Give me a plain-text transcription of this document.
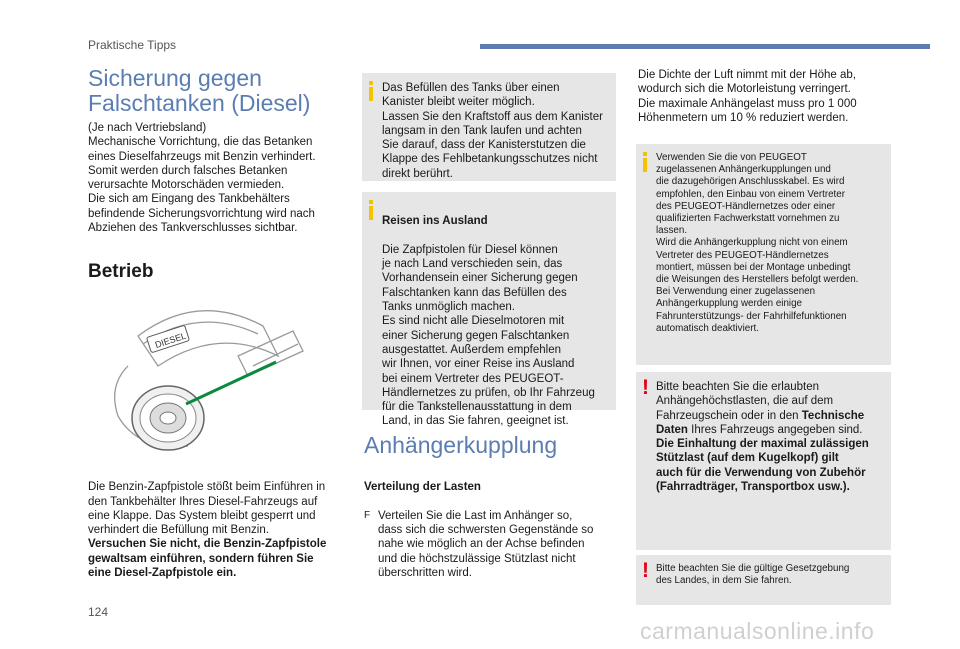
Praktische Tipps
Sicherung gegen
Falschtanken (Diesel)
(Je nach Vertriebsland)
Mechanische Vorrichtung, die das Betanken
eines Dieselfahrzeugs mit Benzin verhindert.
Somit werden durch falsches Betanken
verursachte Motorschäden vermieden.
Die sich am Eingang des Tankbehälters
befindende Sicherungsvorrichtung wird nach
Abziehen des Tankverschlusses sichtbar.
Betrieb
DIESEL

Die Benzin-Zapfpistole stößt beim Einführen in
den Tankbehälter Ihres Diesel-Fahrzeugs auf
eine Klappe. Das System bleibt gesperrt und
verhindert die Befüllung mit Benzin.

Versuchen Sie nicht, die Benzin-Zapfpistole
gewaltsam einführen, sondern führen Sie
eine Diesel-Zapfpistole ein.

Das Befüllen des Tanks über einen
Kanister bleibt weiter möglich.
Lassen Sie den Kraftstoff aus dem Kanister
langsam in den Tank laufen und achten
Sie darauf, dass der Kanisterstutzen die
Klappe des Fehlbetankungsschutzes nicht
direkt berührt.

Reisen ins Ausland

Die Zapfpistolen für Diesel können
je nach Land verschieden sein, das
Vorhandensein einer Sicherung gegen
Falschtanken kann das Befüllen des
Tanks unmöglich machen.
Es sind nicht alle Dieselmotoren mit
einer Sicherung gegen Falschtanken
ausgestattet. Außerdem empfehlen
wir Ihnen, vor einer Reise ins Ausland
bei einem Vertreter des PEUGEOT-
Händlernetzes zu prüfen, ob Ihr Fahrzeug
für die Tankstellenausstattung in dem
Land, in das Sie fahren, geeignet ist.

Anhängerkupplung

Verteilung der Lasten

F Verteilen Sie die Last im Anhänger so,
dass sich die schwersten Gegenstände so
nahe wie möglich an der Achse befinden
und die höchstzulässige Stützlast nicht
überschritten wird.

Die Dichte der Luft nimmt mit der Höhe ab,
wodurch sich die Motorleistung verringert.
Die maximale Anhängelast muss pro 1 000
Höhenmetern um 10 % reduziert werden.
Verwenden Sie die von PEUGEOT
zugelassenen Anhängerkupplungen und
die dazugehörigen Anschlusskabel. Es wird
empfohlen, den Einbau von einem Vertreter
des PEUGEOT-Händlernetzes oder einer
qualifizierten Fachwerkstatt vornehmen zu
lassen.
Wird die Anhängerkupplung nicht von einem
Vertreter des PEUGEOT-Händlernetzes
montiert, müssen bei der Montage unbedingt
die Weisungen des Herstellers befolgt werden.
Bei Verwendung einer zugelassenen
Anhängerkupplung werden einige
Fahrunterstützungs- der Fahrhilfefunktionen
automatisch deaktiviert.
! Bitte beachten Sie die erlaubten
Anhängehöchstlasten, die auf dem
Fahrzeugschein oder in den Technische
Daten Ihres Fahrzeugs angegeben sind.
Die Einhaltung der maximal zulässigen
Stützlast (auf dem Kugelkopf) gilt
auch für die Verwendung von Zubehör
(Fahrradträger, Transportbox usw.).
! Bitte beachten Sie die gültige Gesetzgebung
des Landes, in dem Sie fahren.
124
carmanualsonline.info
